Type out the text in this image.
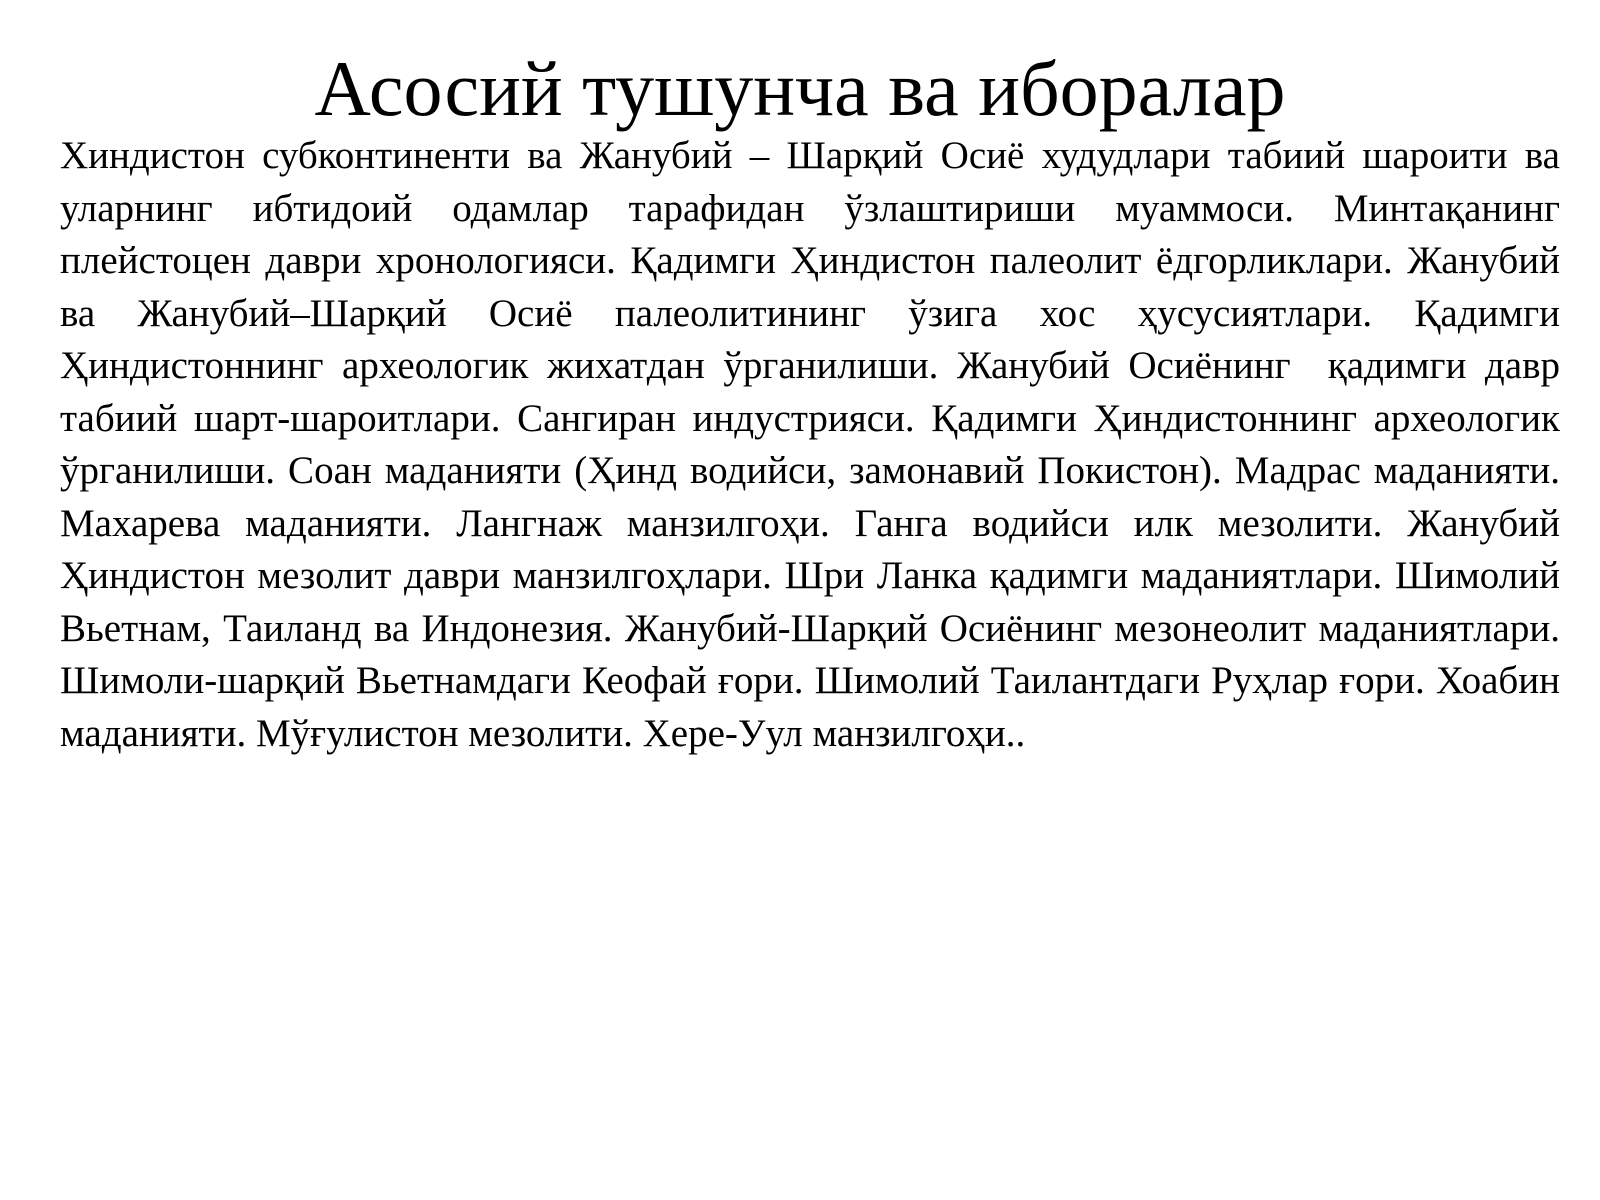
Асосий тушунча ва иборалар

Хиндистон субконтиненти ва Жанубий – Шарқий Осиё худудлари табиий шароити ва уларнинг ибтидоий одамлар тарафидан ўзлаштириши муаммоси. Минтақанинг плейстоцен даври хронологияси. Қадимги Ҳиндистон палеолит ёдгорликлари. Жанубий ва Жанубий–Шарқий Осиё палеолитининг ўзига хос ҳусусиятлари. Қадимги Ҳиндистоннинг археологик жихатдан ўрганилиши. Жанубий Осиёнинг  қадимги давр табиий шарт-шароитлари. Сангиран индустрияси. Қадимги Ҳиндистоннинг археологик ўрганилиши. Соан маданияти (Ҳинд водийси, замонавий Покистон). Мадрас маданияти. Махарева маданияти. Лангнаж манзилгоҳи. Ганга водийси илк мезолити. Жанубий Ҳиндистон мезолит даври манзилгоҳлари. Шри Ланка қадимги маданиятлари. Шимолий Вьетнам, Таиланд ва Индонезия. Жанубий-Шарқий Осиёнинг мезонеолит маданиятлари. Шимоли-шарқий Вьетнамдаги Кеофай ғори. Шимолий Таилантдаги Руҳлар ғори. Хоабин маданияти. Мўғулистон мезолити. Хере-Уул манзилгоҳи..
